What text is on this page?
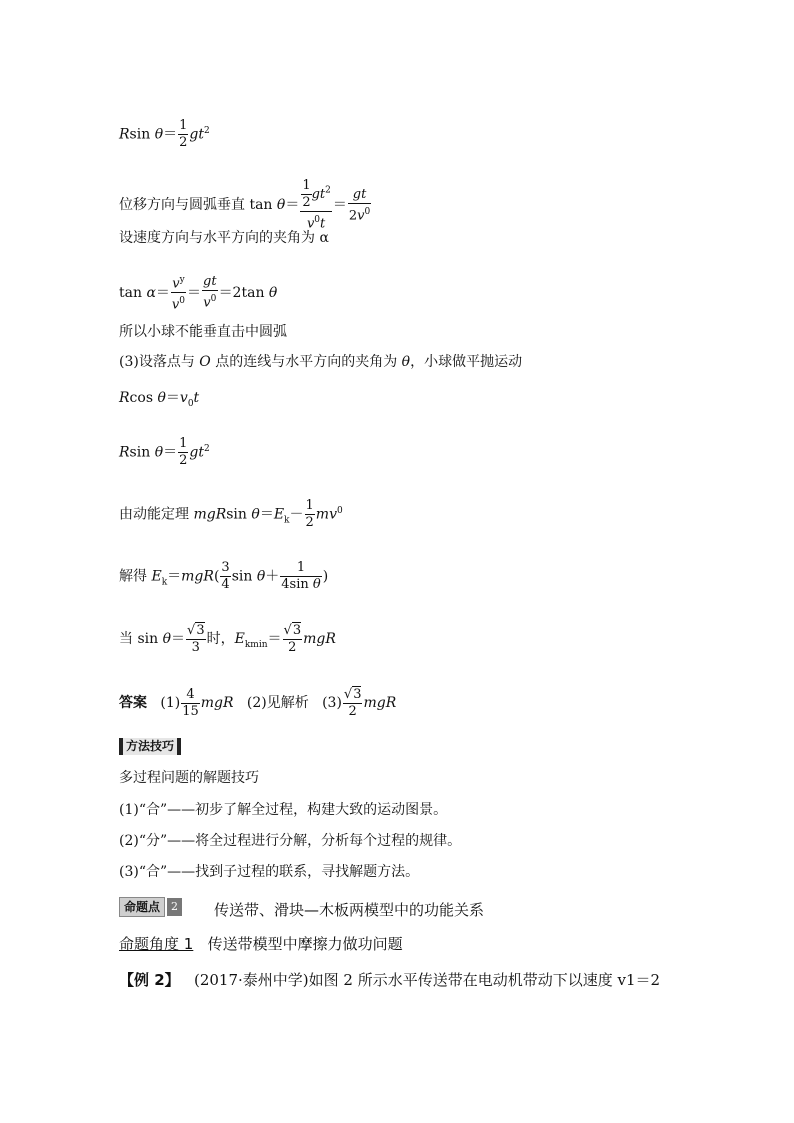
Rsin $\theta= \frac{1}{2} gt^2$
位移方向与圆弧垂直 $\tan \theta= \frac{\frac{1}{2} gt^2}{v^0t} = \frac{gt}{2v^0}$
设速度方向与水平方向的夹角为 α
$\tan \alpha= \frac{v^y}{v^0} = \frac{gt}{v^0} =2\tan$ θ
所以小球不能垂直击中圆弧
(3)设落点与 O 点的连线与水平方向的夹角为 θ，小球做平抛运动
Rcos $\theta=v_0t$
Rsin $\theta= \frac{1}{2} gt^2$
由动能定理 mgRsin $\theta=E_k- \frac{1}{2} mv^0$
解得 $E_k=mgR( \frac{3}{4}$ $\sin \theta+ \frac{1}{\text{4sin θ}}$ )
当 $\sin \theta= \frac{√3}{3}$ 时，$E_{kmin}= \frac{√3}{2}$ mgR
答案   $(1) \frac{4}{15}$ mgR (2)见解析   $(3) \frac{√3}{2}$ mgR
方法技巧
多过程问题的解题技巧
(1)“合”——初步了解全过程，构建大致的运动图景。
(2)“分”——将全过程进行分解，分析每个过程的规律。
(3)“合”——找到子过程的联系，寻找解题方法。
命题点	2 传送带、滑块—木板两模型中的功能关系
命题角度 1 传送带模型中摩擦力做功问题
【例 2】 (2017·泰州中学)如图 2 所示水平传送带在电动机带动下以速度 v1＝2
